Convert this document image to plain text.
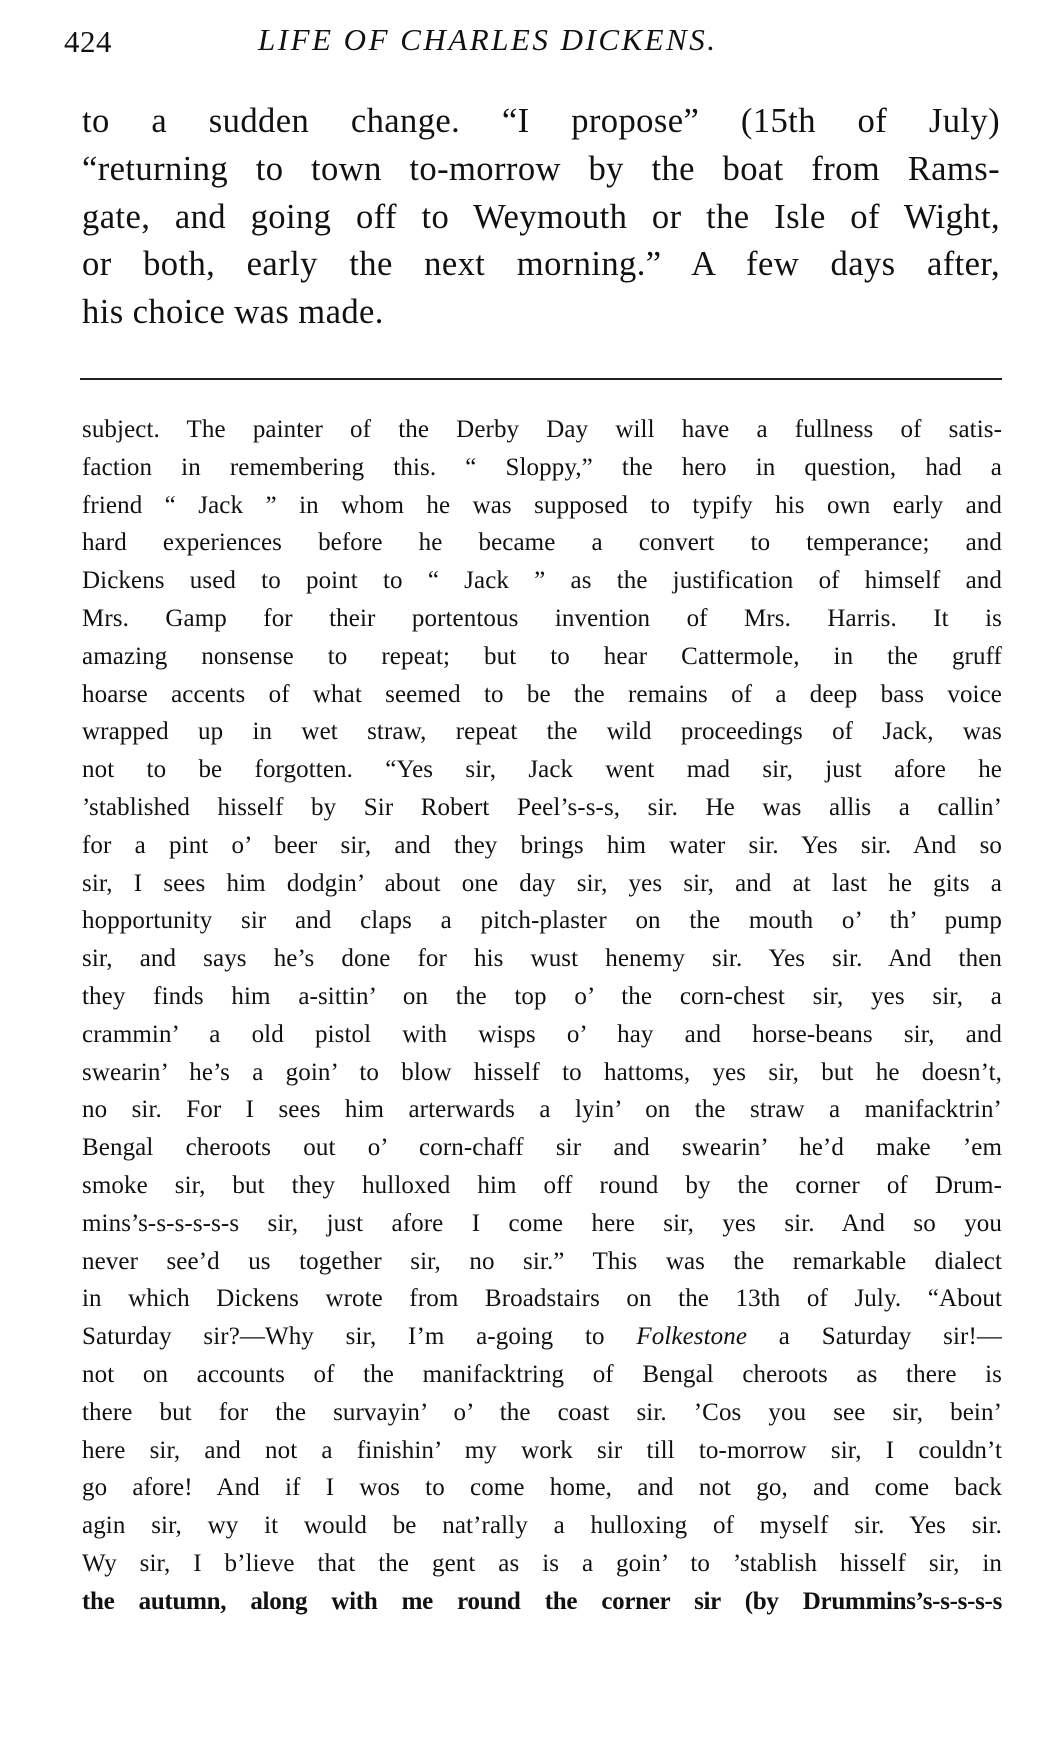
424	LIFE OF CHARLES DICKENS.
to a sudden change. “I propose” (15th of July)
“returning to town to-morrow by the boat from Rams-
gate, and going off to Weymouth or the Isle of Wight,
or both, early the next morning.” A few days after,
his choice was made.
subject. The painter of the Derby Day will have a fullness of satis-
faction in remembering this. “ Sloppy,” the hero in question, had a
friend “ Jack ” in whom he was supposed to typify his own early and
hard experiences before he became a convert to temperance; and
Dickens used to point to “ Jack ” as the justification of himself and
Mrs. Gamp for their portentous invention of Mrs. Harris. It is
amazing nonsense to repeat; but to hear Cattermole, in the gruff
hoarse accents of what seemed to be the remains of a deep bass voice
wrapped up in wet straw, repeat the wild proceedings of Jack, was
not to be forgotten. “Yes sir, Jack went mad sir, just afore he
’stablished hisself by Sir Robert Peel’s-s-s, sir. He was allis a callin’
for a pint o’ beer sir, and they brings him water sir. Yes sir. And so
sir, I sees him dodgin’ about one day sir, yes sir, and at last he gits a
hopportunity sir and claps a pitch-plaster on the mouth o’ th’ pump
sir, and says he’s done for his wust henemy sir. Yes sir. And then
they finds him a-sittin’ on the top o’ the corn-chest sir, yes sir, a
crammin’ a old pistol with wisps o’ hay and horse-beans sir, and
swearin’ he’s a goin’ to blow hisself to hattoms, yes sir, but he doesn’t,
no sir. For I sees him arterwards a lyin’ on the straw a manifacktrin’
Bengal cheroots out o’ corn-chaff sir and swearin’ he’d make ’em
smoke sir, but they hulloxed him off round by the corner of Drum-
mins’s-s-s-s-s-s sir, just afore I come here sir, yes sir. And so you
never see’d us together sir, no sir.” This was the remarkable dialect
in which Dickens wrote from Broadstairs on the 13th of July. “About
Saturday sir?—Why sir, I’m a-going to Folkestone a Saturday sir!—
not on accounts of the manifacktring of Bengal cheroots as there is
there but for the survayin’ o’ the coast sir. ’Cos you see sir, bein’
here sir, and not a finishin’ my work sir till to-morrow sir, I couldn’t
go afore! And if I wos to come home, and not go, and come back
agin sir, wy it would be nat’rally a hulloxing of myself sir. Yes sir.
Wy sir, I b’lieve that the gent as is a goin’ to ’stablish hisself sir, in
the autumn, along with me round the corner sir (by Drummins’s-s-s-s-s
